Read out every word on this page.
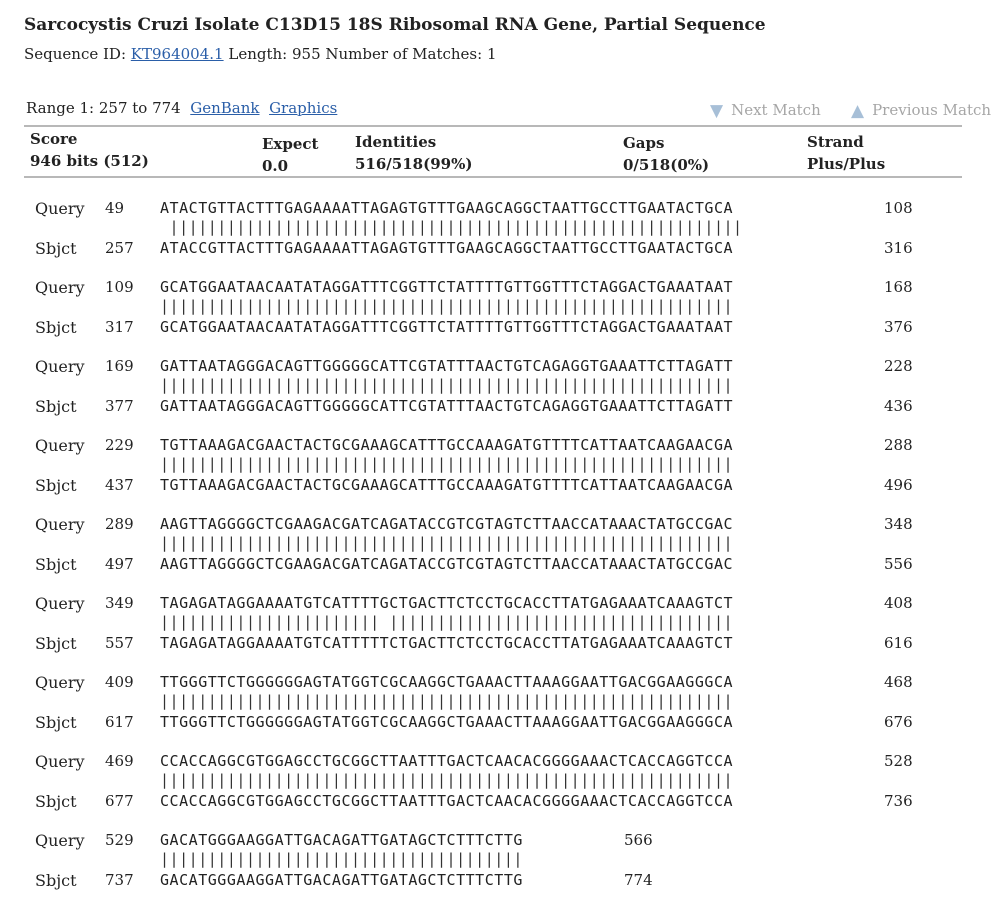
Sarcocystis Cruzi Isolate C13D15 18S Ribosomal RNA Gene, Partial Sequence
Sequence ID: KT964004.1 Length: 955 Number of Matches: 1
Range 1: 257 to 774 GenBank Graphics	▼ Next Match ▲ Previous Match
Score
946 bits (512)
Expect
0.0
Identities
516/518(99%)
Gaps
0/518(0%)
Strand
Plus/Plus
Query 49 ATACTGTTACTTTGAGAAAATTAGAGTGTTTGAAGCAGGCTAATTGCCTTGAATACTGCA	108
||||||||||||||||||||||||||||||||||||||||||||||||||||||||||||
Sbjct 257 ATACCGTTACTTTGAGAAAATTAGAGTGTTTGAAGCAGGCTAATTGCCTTGAATACTGCA	316
Query 109 GCATGGAATAACAATATAGGATTTCGGTTCTATTTTGTTGGTTTCTAGGACTGAAATAAT	168
||||||||||||||||||||||||||||||||||||||||||||||||||||||||||||
Sbjct 317 GCATGGAATAACAATATAGGATTTCGGTTCTATTTTGTTGGTTTCTAGGACTGAAATAAT	376
Query 169 GATTAATAGGGACAGTTGGGGGCATTCGTATTTAACTGTCAGAGGTGAAATTCTTAGATT	228
||||||||||||||||||||||||||||||||||||||||||||||||||||||||||||
Sbjct 377 GATTAATAGGGACAGTTGGGGGCATTCGTATTTAACTGTCAGAGGTGAAATTCTTAGATT	436
Query 229 TGTTAAAGACGAACTACTGCGAAAGCATTTGCCAAAGATGTTTTCATTAATCAAGAACGA	288
||||||||||||||||||||||||||||||||||||||||||||||||||||||||||||
Sbjct 437 TGTTAAAGACGAACTACTGCGAAAGCATTTGCCAAAGATGTTTTCATTAATCAAGAACGA	496
Query 289 AAGTTAGGGGCTCGAAGACGATCAGATACCGTCGTAGTCTTAACCATAAACTATGCCGAC	348
||||||||||||||||||||||||||||||||||||||||||||||||||||||||||||
Sbjct 497 AAGTTAGGGGCTCGAAGACGATCAGATACCGTCGTAGTCTTAACCATAAACTATGCCGAC	556
Query 349 TAGAGATAGGAAAATGTCATTTTGCTGACTTCTCCTGCACCTTATGAGAAATCAAAGTCT	408
||||||||||||||||||||||| ||||||||||||||||||||||||||||||||||||
Sbjct 557 TAGAGATAGGAAAATGTCATTTTTCTGACTTCTCCTGCACCTTATGAGAAATCAAAGTCT	616
Query 409 TTGGGTTCTGGGGGGAGTATGGTCGCAAGGCTGAAACTTAAAGGAATTGACGGAAGGGCA	468
||||||||||||||||||||||||||||||||||||||||||||||||||||||||||||
Sbjct 617 TTGGGTTCTGGGGGGAGTATGGTCGCAAGGCTGAAACTTAAAGGAATTGACGGAAGGGCA	676
Query 469 CCACCAGGCGTGGAGCCTGCGGCTTAATTTGACTCAACACGGGGAAACTCACCAGGTCCA	528
||||||||||||||||||||||||||||||||||||||||||||||||||||||||||||
Sbjct 677 CCACCAGGCGTGGAGCCTGCGGCTTAATTTGACTCAACACGGGGAAACTCACCAGGTCCA	736
Query 529 GACATGGGAAGGATTGACAGATTGATAGCTCTTTCTTG	566
||||||||||||||||||||||||||||||||||||||
Sbjct 737 GACATGGGAAGGATTGACAGATTGATAGCTCTTTCTTG	774
